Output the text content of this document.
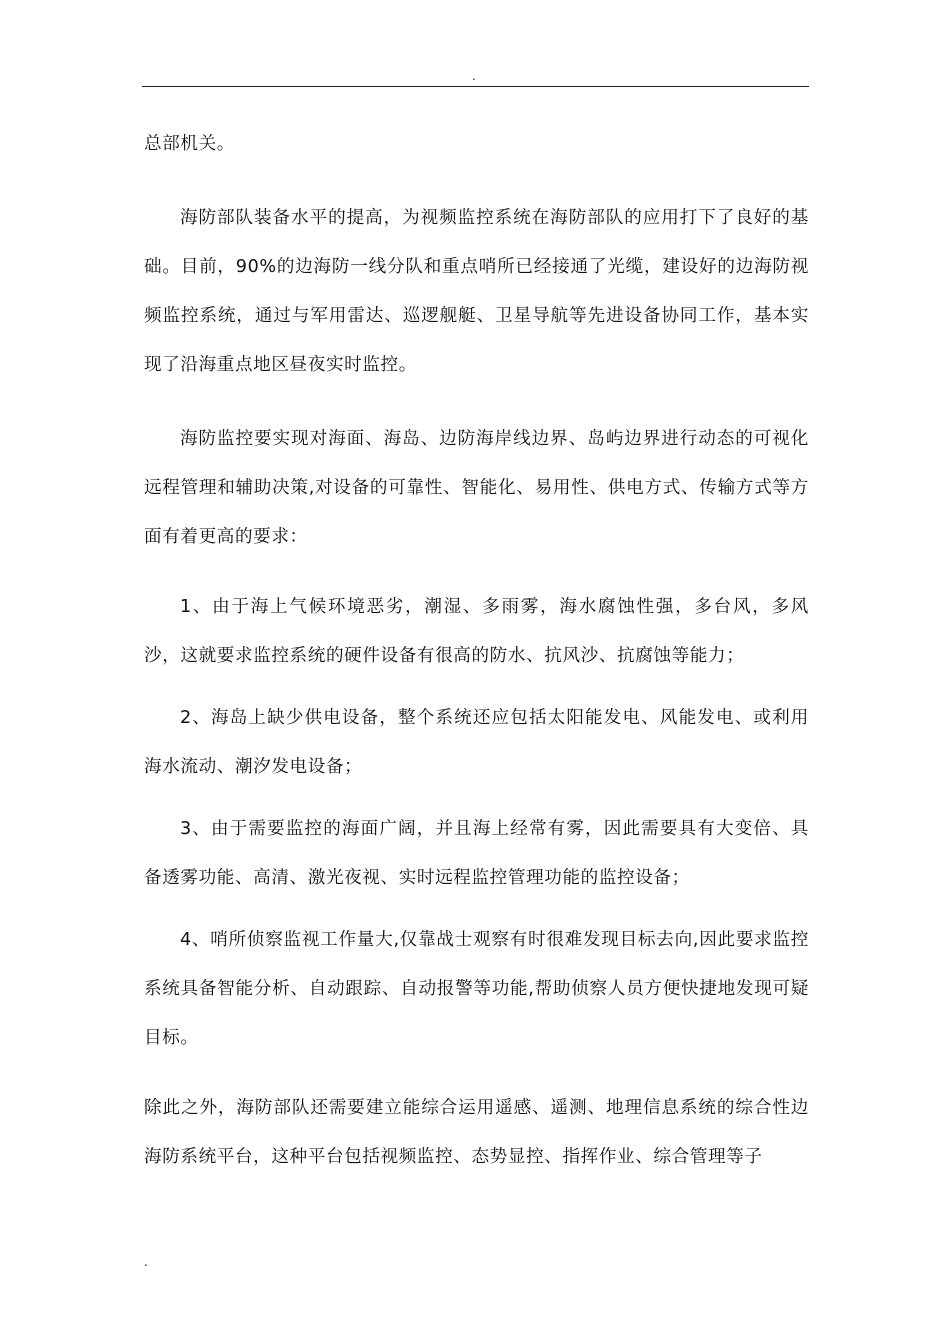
.

总部机关。

海防部队装备水平的提高，为视频监控系统在海防部队的应用打下了良好的基础。目前，90%的边海防一线分队和重点哨所已经接通了光缆，建设好的边海防视频监控系统，通过与军用雷达、巡逻舰艇、卫星导航等先进设备协同工作，基本实现了沿海重点地区昼夜实时监控。

海防监控要实现对海面、海岛、边防海岸线边界、岛屿边界进行动态的可视化远程管理和辅助决策,对设备的可靠性、智能化、易用性、供电方式、传输方式等方面有着更高的要求：

1、由于海上气候环境恶劣，潮湿、多雨雾，海水腐蚀性强，多台风，多风沙，这就要求监控系统的硬件设备有很高的防水、抗风沙、抗腐蚀等能力；

2、海岛上缺少供电设备，整个系统还应包括太阳能发电、风能发电、或利用海水流动、潮汐发电设备；

3、由于需要监控的海面广阔，并且海上经常有雾，因此需要具有大变倍、具备透雾功能、高清、激光夜视、实时远程监控管理功能的监控设备；

4、哨所侦察监视工作量大,仅靠战士观察有时很难发现目标去向,因此要求监控系统具备智能分析、自动跟踪、自动报警等功能,帮助侦察人员方便快捷地发现可疑目标。

除此之外，海防部队还需要建立能综合运用遥感、遥测、地理信息系统的综合性边海防系统平台，这种平台包括视频监控、态势显控、指挥作业、综合管理等子

.
